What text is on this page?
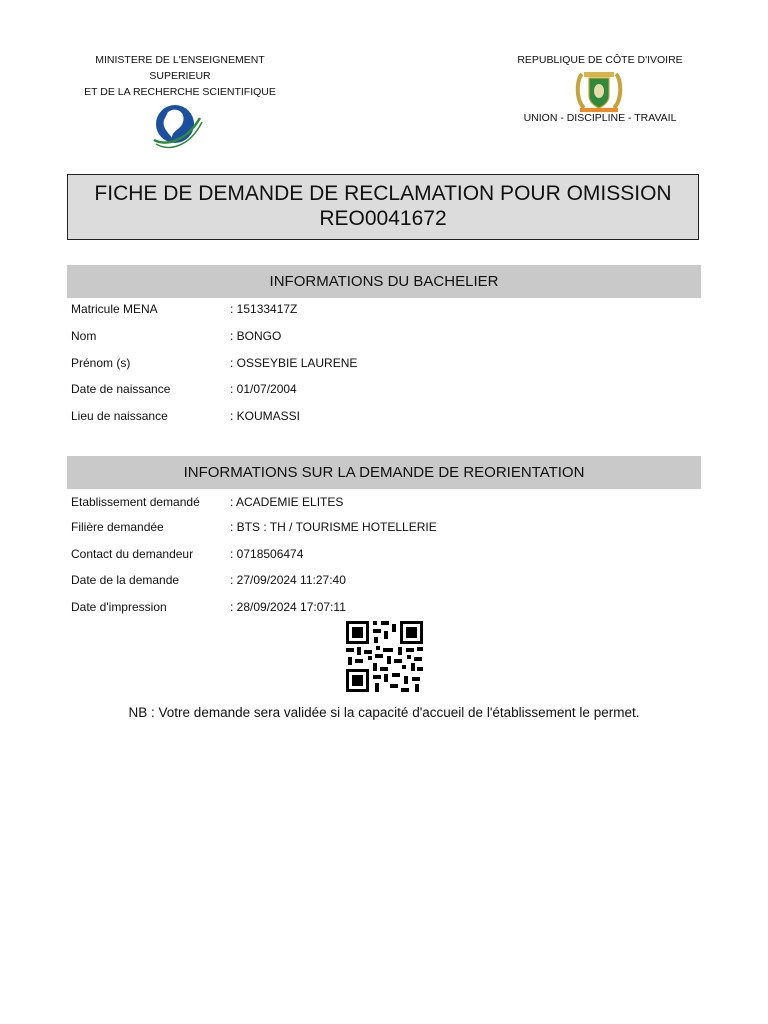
MINISTERE DE L'ENSEIGNEMENT
SUPERIEUR
ET DE LA RECHERCHE SCIENTIFIQUE
REPUBLIQUE DE CÔTE D'IVOIRE
UNION - DISCIPLINE - TRAVAIL
FICHE DE DEMANDE DE RECLAMATION POUR OMISSION
REO0041672
INFORMATIONS DU BACHELIER
Matricule MENA	: 15133417Z
Nom	: BONGO
Prénom (s)	: OSSEYBIE LAURENE
Date de naissance	: 01/07/2004
Lieu de naissance	: KOUMASSI
INFORMATIONS SUR LA DEMANDE DE REORIENTATION
Etablissement demandé	: ACADEMIE ELITES
Filière demandée	: BTS : TH / TOURISME HOTELLERIE
Contact du demandeur	: 0718506474
Date de la demande	: 27/09/2024 11:27:40
Date d'impression	: 28/09/2024 17:07:11
NB : Votre demande sera validée si la capacité d'accueil de l'établissement le permet.
